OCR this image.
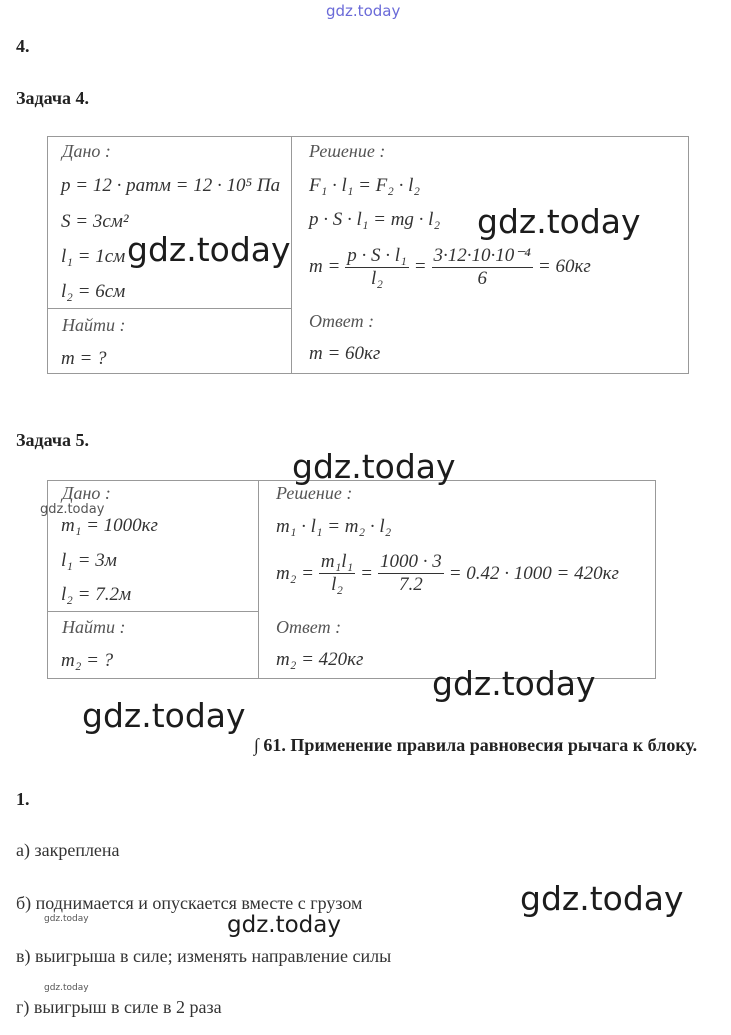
gdz.today
4.
Задача 4.
Дано :
p = 12 · pатм = 12 · 10⁵ Па
S = 3см²
l₁ = 1см
l₂ = 6см
Найти :
m = ?
Решение :
F₁ · l₁ = F₂ · l₂
p · S · l₁ = mg · l₂
$m = \frac{\text{p · S · l₁}}{\text{l₂}} = \frac{\text{3·12·10·10⁻⁴}}{6} = 60кг$
Ответ :
m = 60кг
Задача 5.
Дано :
m₁ = 1000кг
l₁ = 3м
l₂ = 7.2м
Найти :
m₂ = ?
Решение :
m₁ · l₁ = m₂ · l₂
$m_2 = \frac{\text{m₁l₁}}{\text{l₂}} = \frac{1000 \cdot 3}{7.2} = 0.42 \cdot 1000 = 420кг$
Ответ :
m₂ = 420кг
∫ 61. Применение правила равновесия рычага к блоку.
1.
а) закреплена
б) поднимается и опускается вместе с грузом
в) выигрыша в силе; изменять направление силы
г) выигрыш в силе в 2 раза
gdz.today
gdz.today
gdz.today
gdz.today
gdz.today
gdz.today
gdz.today
gdz.today
gdz.today
gdz.today
